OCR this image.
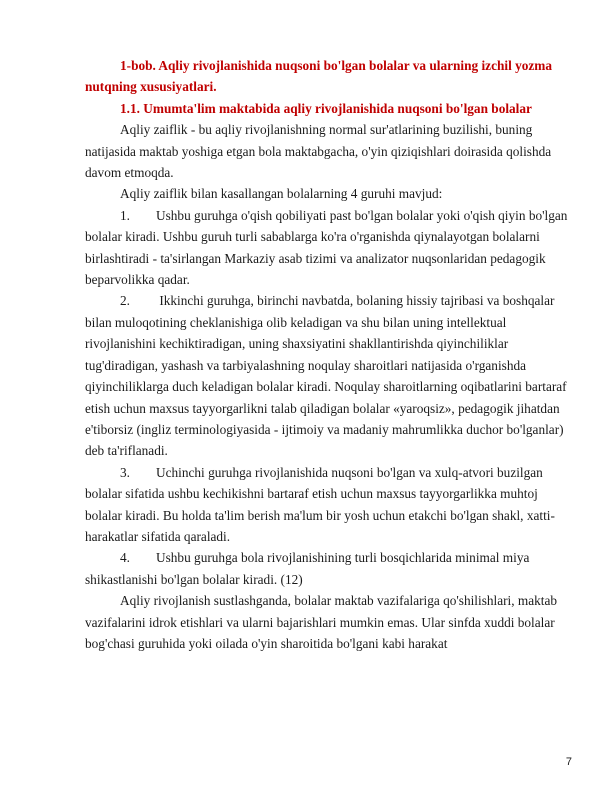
1-bob. Aqliy rivojlanishida nuqsoni bo'lgan bolalar va ularning izchil yozma nutqning xususiyatlari.

1.1. Umumta'lim maktabida aqliy rivojlanishida nuqsoni bo'lgan bolalar

Aqliy zaiflik - bu aqliy rivojlanishning normal sur'atlarining buzilishi, buning natijasida maktab yoshiga etgan bola maktabgacha, o'yin qiziqishlari doirasida qolishda davom etmoqda.

Aqliy zaiflik bilan kasallangan bolalarning 4 guruhi mavjud:

1. Ushbu guruhga o'qish qobiliyati past bo'lgan bolalar yoki o'qish qiyin bo'lgan bolalar kiradi. Ushbu guruh turli sabablarga ko'ra o'rganishda qiynalayotgan bolalarni birlashtiradi - ta'sirlangan Markaziy asab tizimi va analizator nuqsonlaridan pedagogik beparvolikka qadar.

2. Ikkinchi guruhga, birinchi navbatda, bolaning hissiy tajribasi va boshqalar bilan muloqotining cheklanishiga olib keladigan va shu bilan uning intellektual rivojlanishini kechiktiradigan, uning shaxsiyatini shakllantirishda qiyinchiliklar tug'diradigan, yashash va tarbiyalashning noqulay sharoitlari natijasida o'rganishda qiyinchiliklarga duch keladigan bolalar kiradi. Noqulay sharoitlarning oqibatlarini bartaraf etish uchun maxsus tayyorgarlikni talab qiladigan bolalar «yaroqsiz», pedagogik jihatdan e'tiborsiz (ingliz terminologiyasida - ijtimoiy va madaniy mahrumlikka duchor bo'lganlar) deb ta'riflanadi.

3. Uchinchi guruhga rivojlanishida nuqsoni bo'lgan va xulq-atvori buzilgan bolalar sifatida ushbu kechikishni bartaraf etish uchun maxsus tayyorgarlikka muhtoj bolalar kiradi. Bu holda ta'lim berish ma'lum bir yosh uchun etakchi bo'lgan shakl, xatti-harakatlar sifatida qaraladi.

4. Ushbu guruhga bola rivojlanishining turli bosqichlarida minimal miya shikastlanishi bo'lgan bolalar kiradi. (12)

Aqliy rivojlanish sustlashganda, bolalar maktab vazifalariga qo'shilishlari, maktab vazifalarini idrok etishlari va ularni bajarishlari mumkin emas. Ular sinfda xuddi bolalar bog'chasi guruhida yoki oilada o'yin sharoitida bo'lgani kabi harakat

7
